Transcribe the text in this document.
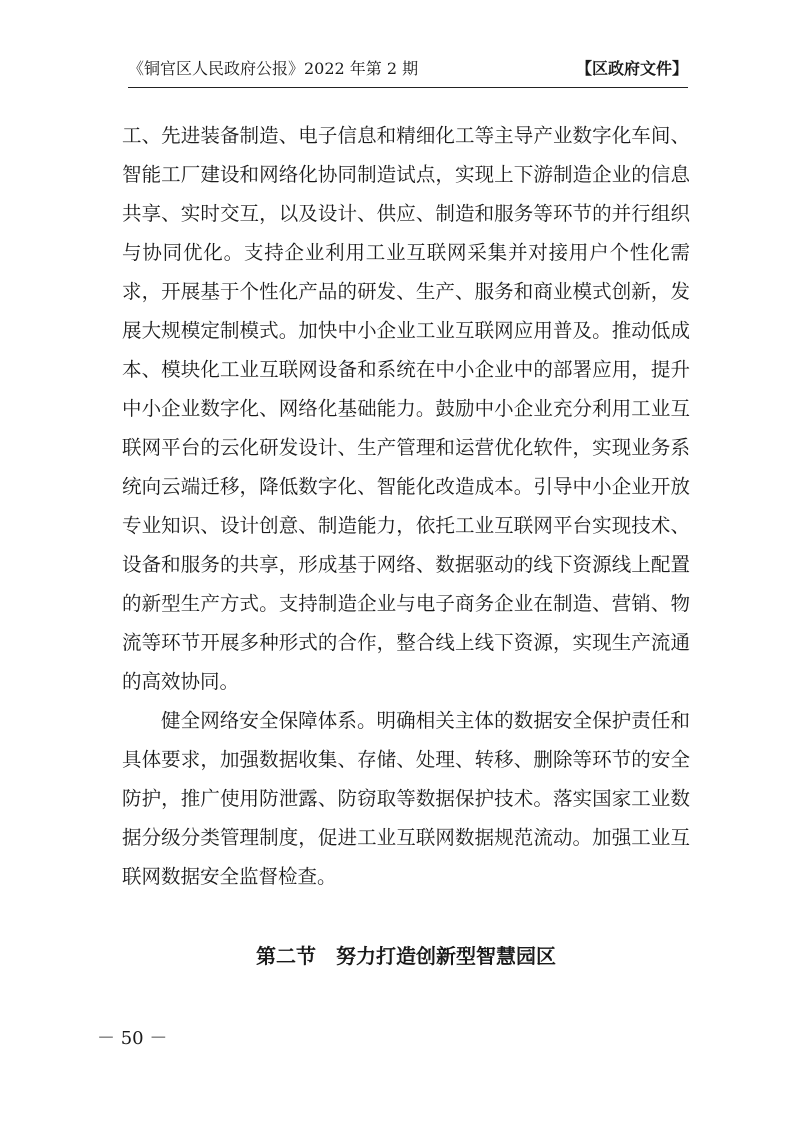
《铜官区人民政府公报》2022 年第 2 期	【区政府文件】

工、先进装备制造、电子信息和精细化工等主导产业数字化车间、智能工厂建设和网络化协同制造试点，实现上下游制造企业的信息共享、实时交互，以及设计、供应、制造和服务等环节的并行组织与协同优化。支持企业利用工业互联网采集并对接用户个性化需求，开展基于个性化产品的研发、生产、服务和商业模式创新，发展大规模定制模式。加快中小企业工业互联网应用普及。推动低成本、模块化工业互联网设备和系统在中小企业中的部署应用，提升中小企业数字化、网络化基础能力。鼓励中小企业充分利用工业互联网平台的云化研发设计、生产管理和运营优化软件，实现业务系统向云端迁移，降低数字化、智能化改造成本。引导中小企业开放专业知识、设计创意、制造能力，依托工业互联网平台实现技术、设备和服务的共享，形成基于网络、数据驱动的线下资源线上配置的新型生产方式。支持制造企业与电子商务企业在制造、营销、物流等环节开展多种形式的合作，整合线上线下资源，实现生产流通的高效协同。

健全网络安全保障体系。明确相关主体的数据安全保护责任和具体要求，加强数据收集、存储、处理、转移、删除等环节的安全防护，推广使用防泄露、防窃取等数据保护技术。落实国家工业数据分级分类管理制度，促进工业互联网数据规范流动。加强工业互联网数据安全监督检查。

第二节　努力打造创新型智慧园区
－ 50 －
